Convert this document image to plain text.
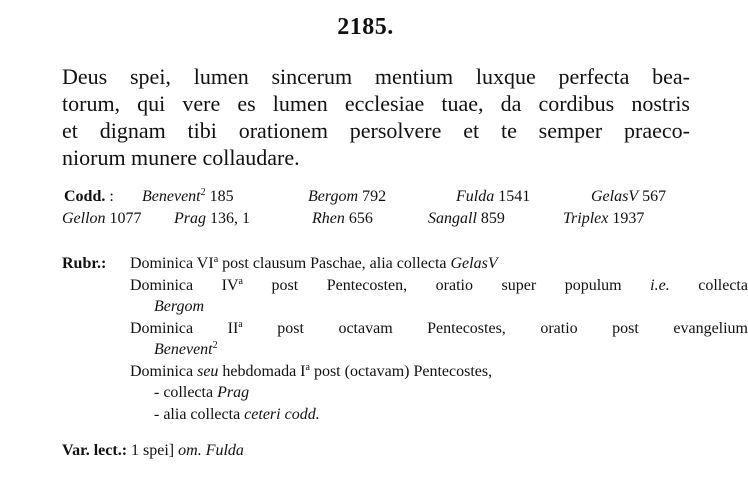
2185.
Deus spei, lumen sincerum mentium luxque perfecta bea-
torum, qui vere es lumen ecclesiae tuae, da cordibus nostris
et dignam tibi orationem persolvere et te semper praeco-
niorum munere collaudare.
Codd. : Benevent$^2$ 185	Bergom 792	Fulda 1541	GelasV 567
Gellon 1077 Prag 136, 1	Rhen 656	Sangall 859	Triplex 1937
Rubr.: Dominica $VI^a$ post clausum Paschae, alia collecta GelasV
Dominica $IV^a$ post Pentecosten, oratio super populum i.e. collecta
Bergom
Dominica $II^a$ post octavam Pentecostes, oratio post evangelium
Benevent$^2$
Dominica seu hebdomada $I^a$ post (octavam) Pentecostes,
- collecta Prag
- alia collecta ceteri codd.
Var. lect.: 1 spei] om. Fulda
